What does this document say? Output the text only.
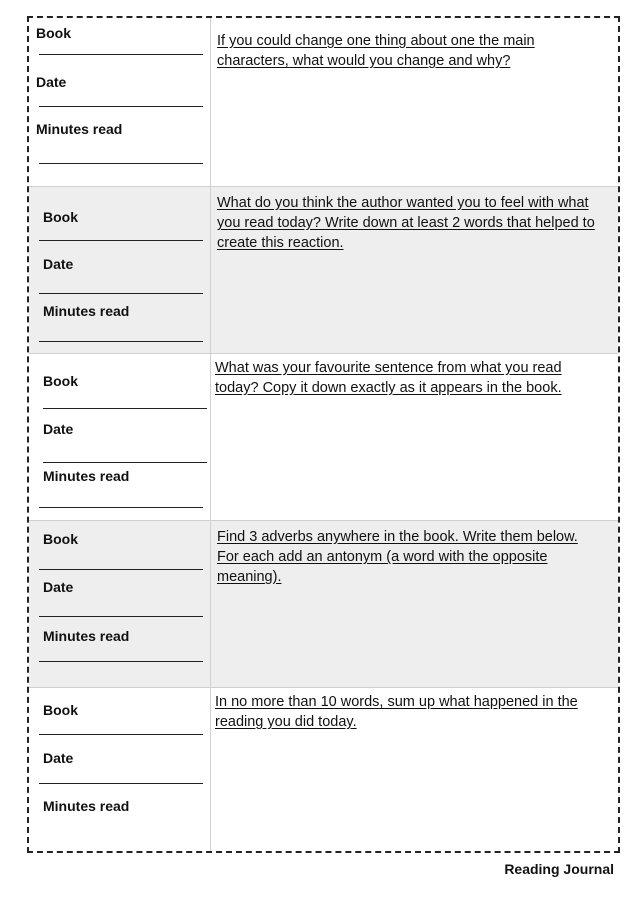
Book
Date
Minutes read
If you could change one thing about one the main characters, what would you change and why?
Book
Date
Minutes read
What do you think the author wanted you to feel with what you read today? Write down at least 2 words that helped to create this reaction.
Book
Date
Minutes read
What was your favourite sentence from what you read today? Copy it down exactly as it appears in the book.
Book
Date
Minutes read
Find 3 adverbs anywhere in the book. Write them below. For each add an antonym (a word with the opposite meaning).
Book
Date
Minutes read
In no more than 10 words, sum up what happened in the reading you did today.
Reading Journal
